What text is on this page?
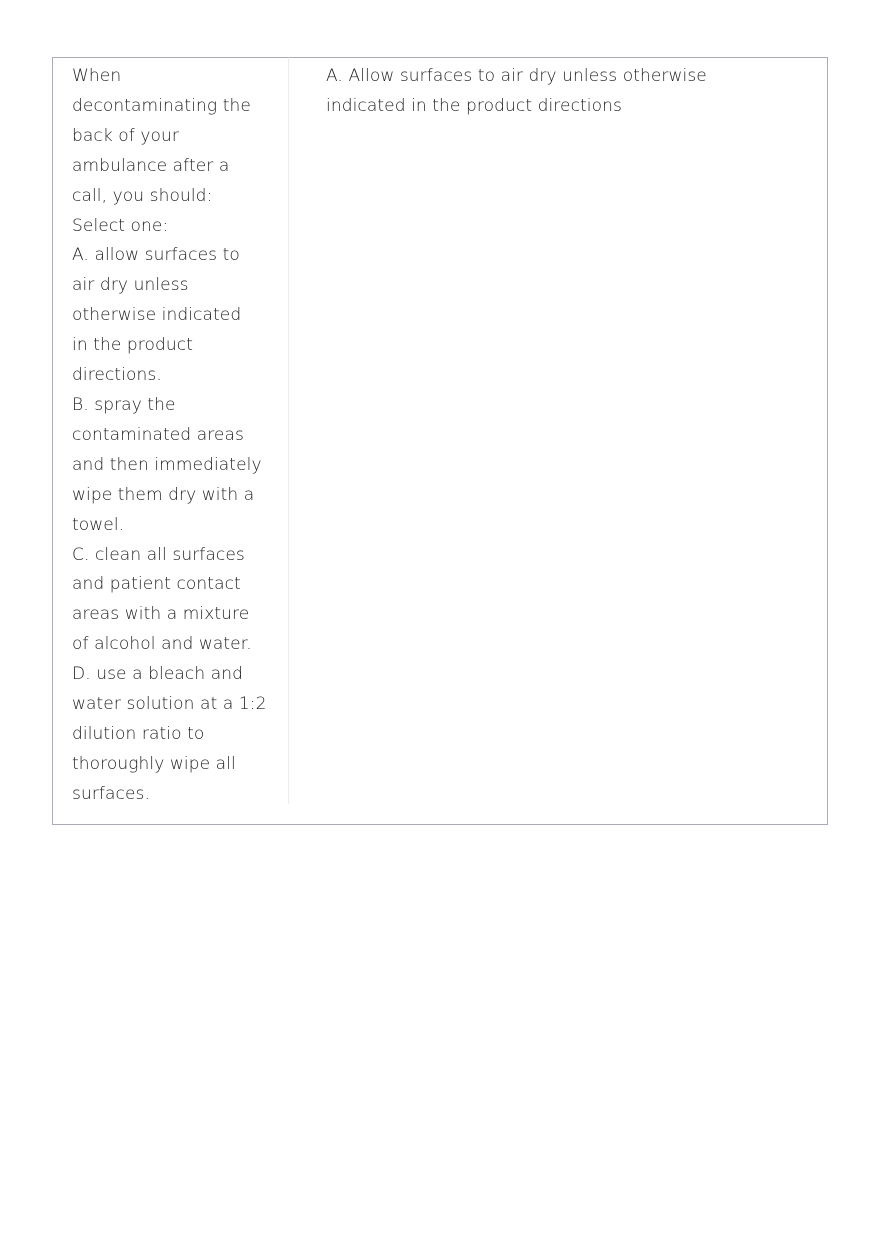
When
decontaminating the
back of your
ambulance after a
call, you should:
Select one:
A. allow surfaces to
air dry unless
otherwise indicated
in the product
directions.
B. spray the
contaminated areas
and then immediately
wipe them dry with a
towel.
C. clean all surfaces
and patient contact
areas with a mixture
of alcohol and water.
D. use a bleach and
water solution at a 1:2
dilution ratio to
thoroughly wipe all
surfaces.
A. Allow surfaces to air dry unless otherwise
indicated in the product directions
